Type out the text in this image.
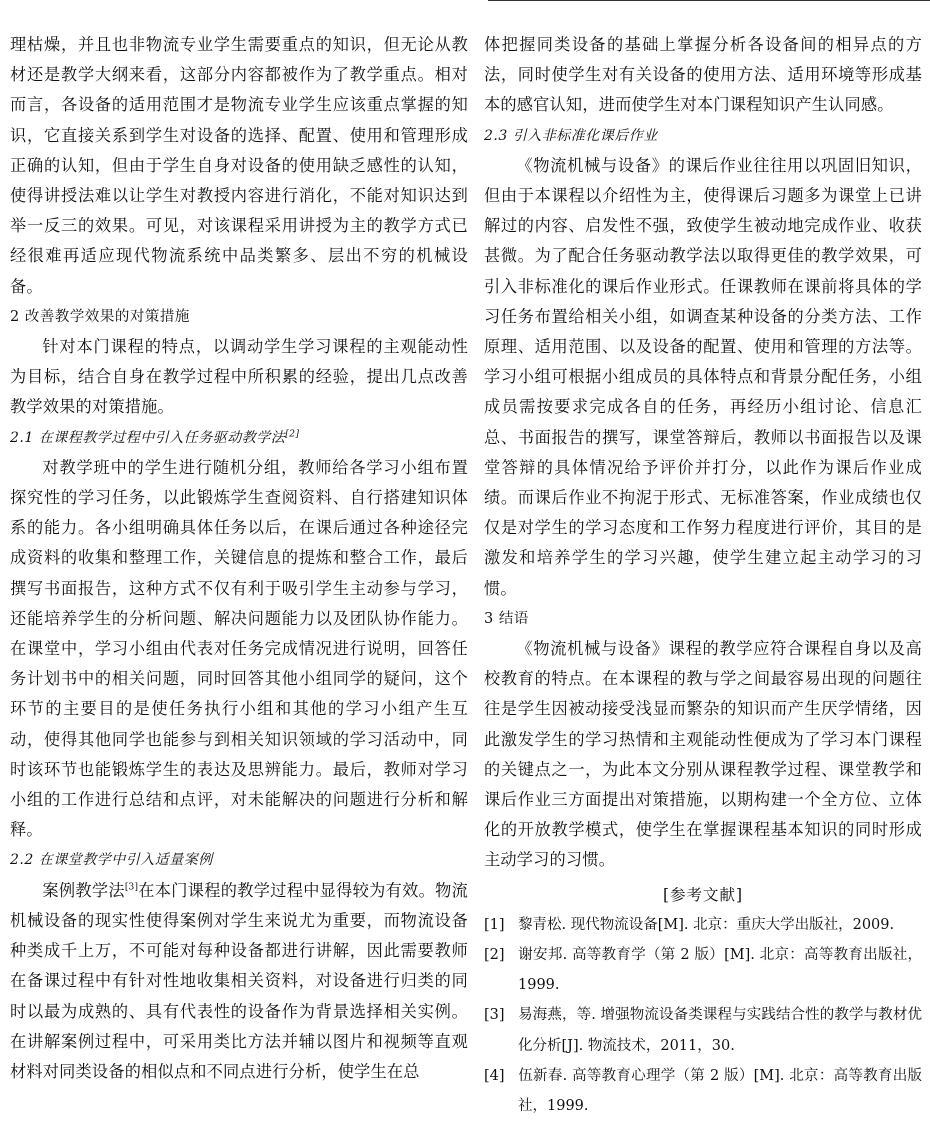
理枯燥，并且也非物流专业学生需要重点的知识，但无论从教材还是教学大纲来看，这部分内容都被作为了教学重点。相对而言，各设备的适用范围才是物流专业学生应该重点掌握的知识，它直接关系到学生对设备的选择、配置、使用和管理形成正确的认知，但由于学生自身对设备的使用缺乏感性的认知，使得讲授法难以让学生对教授内容进行消化，不能对知识达到举一反三的效果。可见，对该课程采用讲授为主的教学方式已经很难再适应现代物流系统中品类繁多、层出不穷的机械设备。

2 改善教学效果的对策措施

针对本门课程的特点，以调动学生学习课程的主观能动性为目标，结合自身在教学过程中所积累的经验，提出几点改善教学效果的对策措施。

2.1 在课程教学过程中引入任务驱动教学法[2]

对教学班中的学生进行随机分组，教师给各学习小组布置探究性的学习任务，以此锻炼学生查阅资料、自行搭建知识体系的能力。各小组明确具体任务以后，在课后通过各种途径完成资料的收集和整理工作，关键信息的提炼和整合工作，最后撰写书面报告，这种方式不仅有利于吸引学生主动参与学习，还能培养学生的分析问题、解决问题能力以及团队协作能力。在课堂中，学习小组由代表对任务完成情况进行说明，回答任务计划书中的相关问题，同时回答其他小组同学的疑问，这个环节的主要目的是使任务执行小组和其他的学习小组产生互动，使得其他同学也能参与到相关知识领域的学习活动中，同时该环节也能锻炼学生的表达及思辨能力。最后，教师对学习小组的工作进行总结和点评，对未能解决的问题进行分析和解释。

2.2 在课堂教学中引入适量案例

案例教学法[3]在本门课程的教学过程中显得较为有效。物流机械设备的现实性使得案例对学生来说尤为重要，而物流设备种类成千上万，不可能对每种设备都进行讲解，因此需要教师在备课过程中有针对性地收集相关资料，对设备进行归类的同时以最为成熟的、具有代表性的设备作为背景选择相关实例。在讲解案例过程中，可采用类比方法并辅以图片和视频等直观材料对同类设备的相似点和不同点进行分析，使学生在总

体把握同类设备的基础上掌握分析各设备间的相异点的方法，同时使学生对有关设备的使用方法、适用环境等形成基本的感官认知，进而使学生对本门课程知识产生认同感。

2.3 引入非标准化课后作业

《物流机械与设备》的课后作业往往用以巩固旧知识，但由于本课程以介绍性为主，使得课后习题多为课堂上已讲解过的内容、启发性不强，致使学生被动地完成作业、收获甚微。为了配合任务驱动教学法以取得更佳的教学效果，可引入非标准化的课后作业形式。任课教师在课前将具体的学习任务布置给相关小组，如调查某种设备的分类方法、工作原理、适用范围、以及设备的配置、使用和管理的方法等。学习小组可根据小组成员的具体特点和背景分配任务，小组成员需按要求完成各自的任务，再经历小组讨论、信息汇总、书面报告的撰写，课堂答辩后，教师以书面报告以及课堂答辩的具体情况给予评价并打分，以此作为课后作业成绩。而课后作业不拘泥于形式、无标准答案，作业成绩也仅仅是对学生的学习态度和工作努力程度进行评价，其目的是激发和培养学生的学习兴趣，使学生建立起主动学习的习惯。

3 结语

《物流机械与设备》课程的教学应符合课程自身以及高校教育的特点。在本课程的教与学之间最容易出现的问题往往是学生因被动接受浅显而繁杂的知识而产生厌学情绪，因此激发学生的学习热情和主观能动性便成为了学习本门课程的关键点之一，为此本文分别从课程教学过程、课堂教学和课后作业三方面提出对策措施，以期构建一个全方位、立体化的开放教学模式，使学生在掌握课程基本知识的同时形成主动学习的习惯。

[参考文献]
[1] 黎青松. 现代物流设备[M]. 北京：重庆大学出版社，2009.
[2] 谢安邦. 高等教育学（第 2 版）[M]. 北京：高等教育出版社，1999.
[3] 易海燕，等. 增强物流设备类课程与实践结合性的教学与教材优化分析[J]. 物流技术，2011，30.
[4] 伍新春. 高等教育心理学（第 2 版）[M]. 北京：高等教育出版社，1999.
